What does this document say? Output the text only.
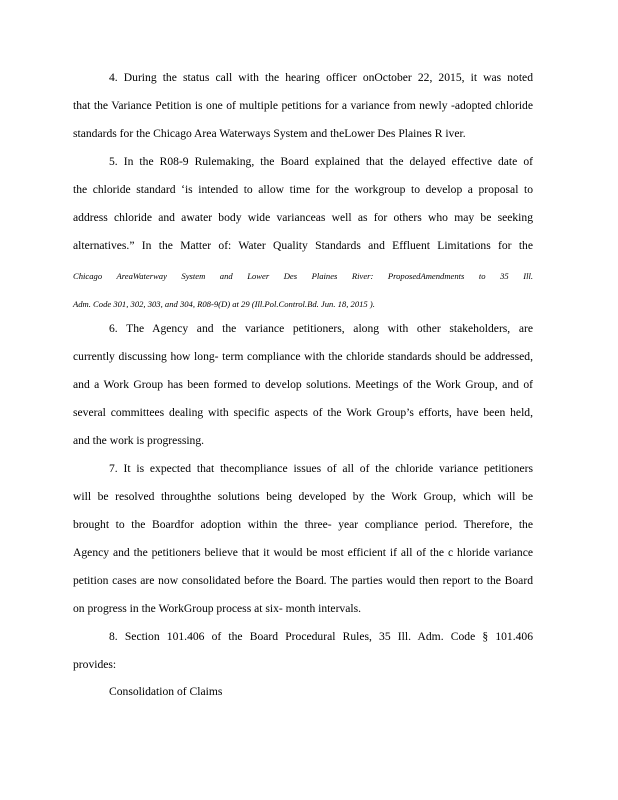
4. During the status call with the hearing officer onOctober 22, 2015, it was noted
that the Variance Petition is one of multiple petitions for a variance from newly -adopted chloride
standards for the Chicago Area Waterways System and theLower Des Plaines R iver.
5. In the R08-9 Rulemaking, the Board explained that the delayed effective date of
the chloride standard ‘is intended to allow time for the workgroup to develop a proposal to
address chloride and awater body wide varianceas well as for others who may be seeking
alternatives.” In the Matter of: Water Quality Standards and Effluent Limitations for the
Chicago AreaWaterway System and Lower Des Plaines River: ProposedAmendments to 35 Ill.
Adm. Code 301, 302, 303, and 304, R08-9(D) at 29 (Ill.Pol.Control.Bd. Jun. 18, 2015 ).
6. The Agency and the variance petitioners, along with other stakeholders, are
currently discussing how long- term compliance with the chloride standards should be addressed,
and a Work Group has been formed to develop solutions. Meetings of the Work Group, and of
several committees dealing with specific aspects of the Work Group’s efforts, have been held,
and the work is progressing.
7. It is expected that thecompliance issues of all of the chloride variance petitioners
will be resolved throughthe solutions being developed by the Work Group, which will be
brought to the Boardfor adoption within the three- year compliance period. Therefore, the
Agency and the petitioners believe that it would be most efficient if all of the c hloride variance
petition cases are now consolidated before the Board. The parties would then report to the Board
on progress in the WorkGroup process at six- month intervals.
8. Section 101.406 of the Board Procedural Rules, 35 Ill. Adm. Code § 101.406
provides:
Consolidation of Claims
